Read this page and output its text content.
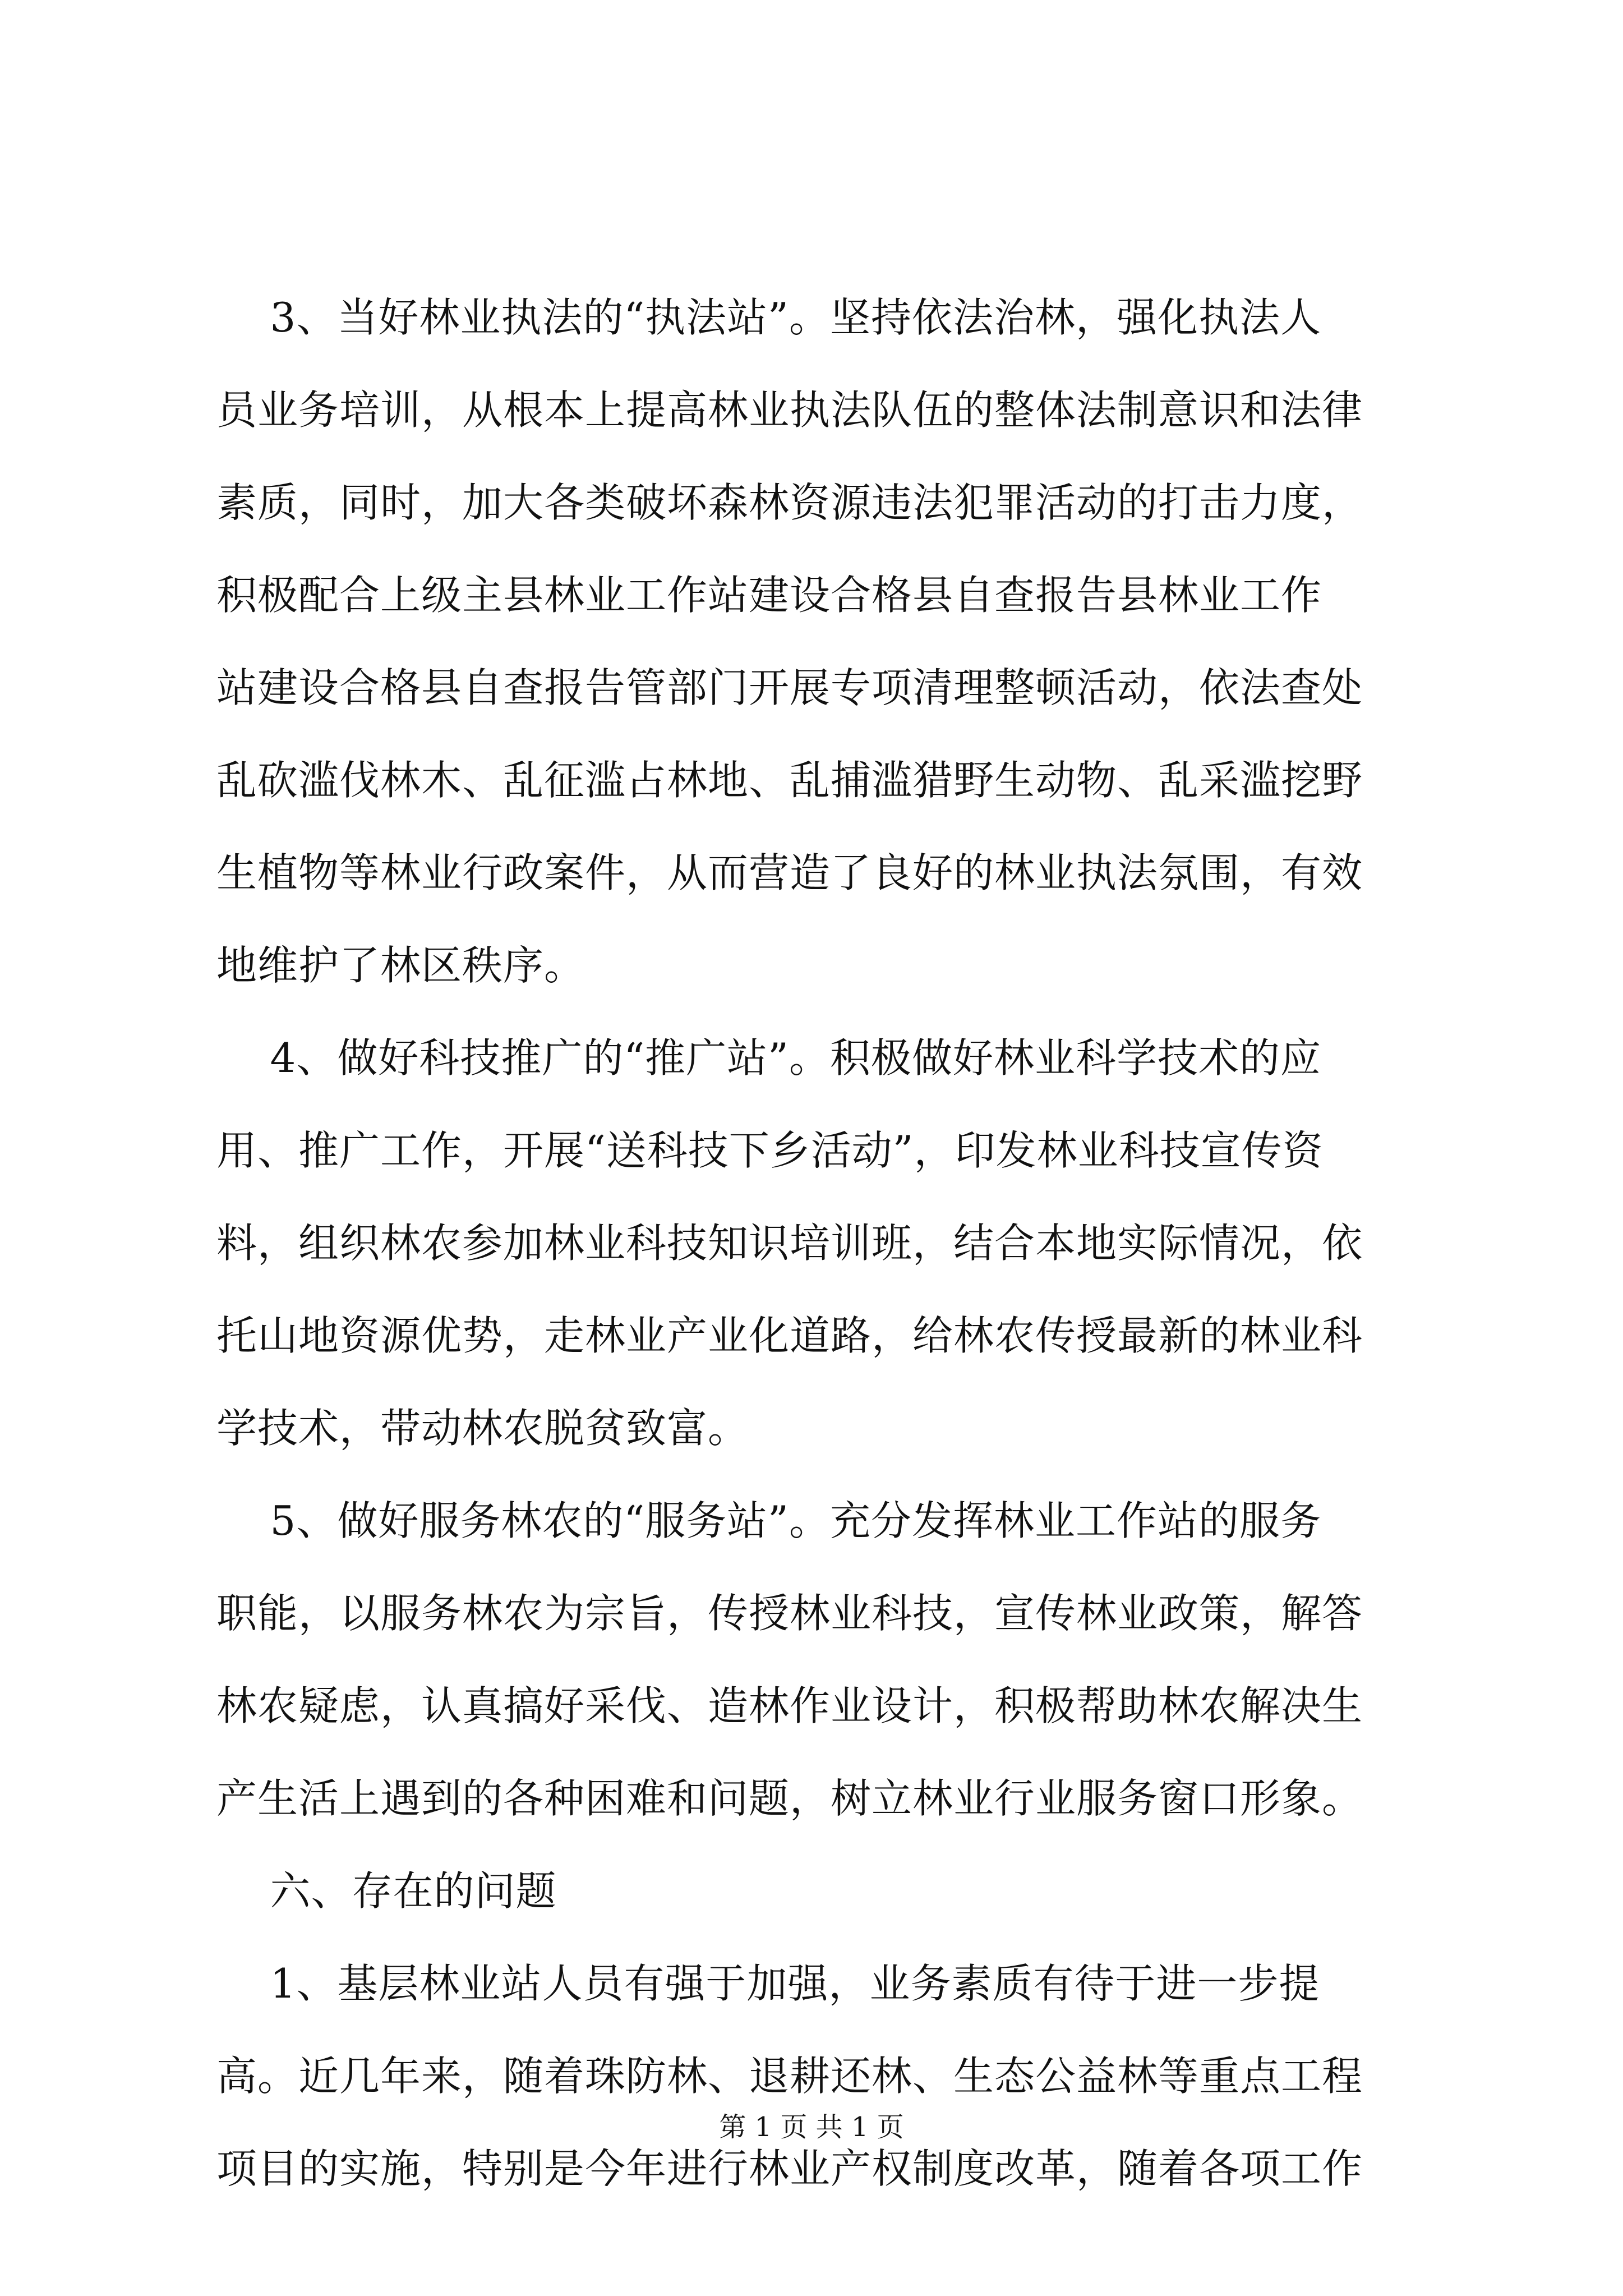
3、当好林业执法的“执法站”。坚持依法治林，强化执法人
员业务培训，从根本上提高林业执法队伍的整体法制意识和法律
素质，同时，加大各类破坏森林资源违法犯罪活动的打击力度，
积极配合上级主县林业工作站建设合格县自查报告县林业工作
站建设合格县自查报告管部门开展专项清理整顿活动，依法查处
乱砍滥伐林木、乱征滥占林地、乱捕滥猎野生动物、乱采滥挖野
生植物等林业行政案件，从而营造了良好的林业执法氛围，有效
地维护了林区秩序。
4、做好科技推广的“推广站”。积极做好林业科学技术的应
用、推广工作，开展“送科技下乡活动”，印发林业科技宣传资
料，组织林农参加林业科技知识培训班，结合本地实际情况，依
托山地资源优势，走林业产业化道路，给林农传授最新的林业科
学技术，带动林农脱贫致富。
5、做好服务林农的“服务站”。充分发挥林业工作站的服务
职能，以服务林农为宗旨，传授林业科技，宣传林业政策，解答
林农疑虑，认真搞好采伐、造林作业设计，积极帮助林农解决生
产生活上遇到的各种困难和问题，树立林业行业服务窗口形象。
六、存在的问题
1、基层林业站人员有强于加强，业务素质有待于进一步提
高。近几年来，随着珠防林、退耕还林、生态公益林等重点工程
项目的实施，特别是今年进行林业产权制度改革，随着各项工作
第 1 页 共 1 页
